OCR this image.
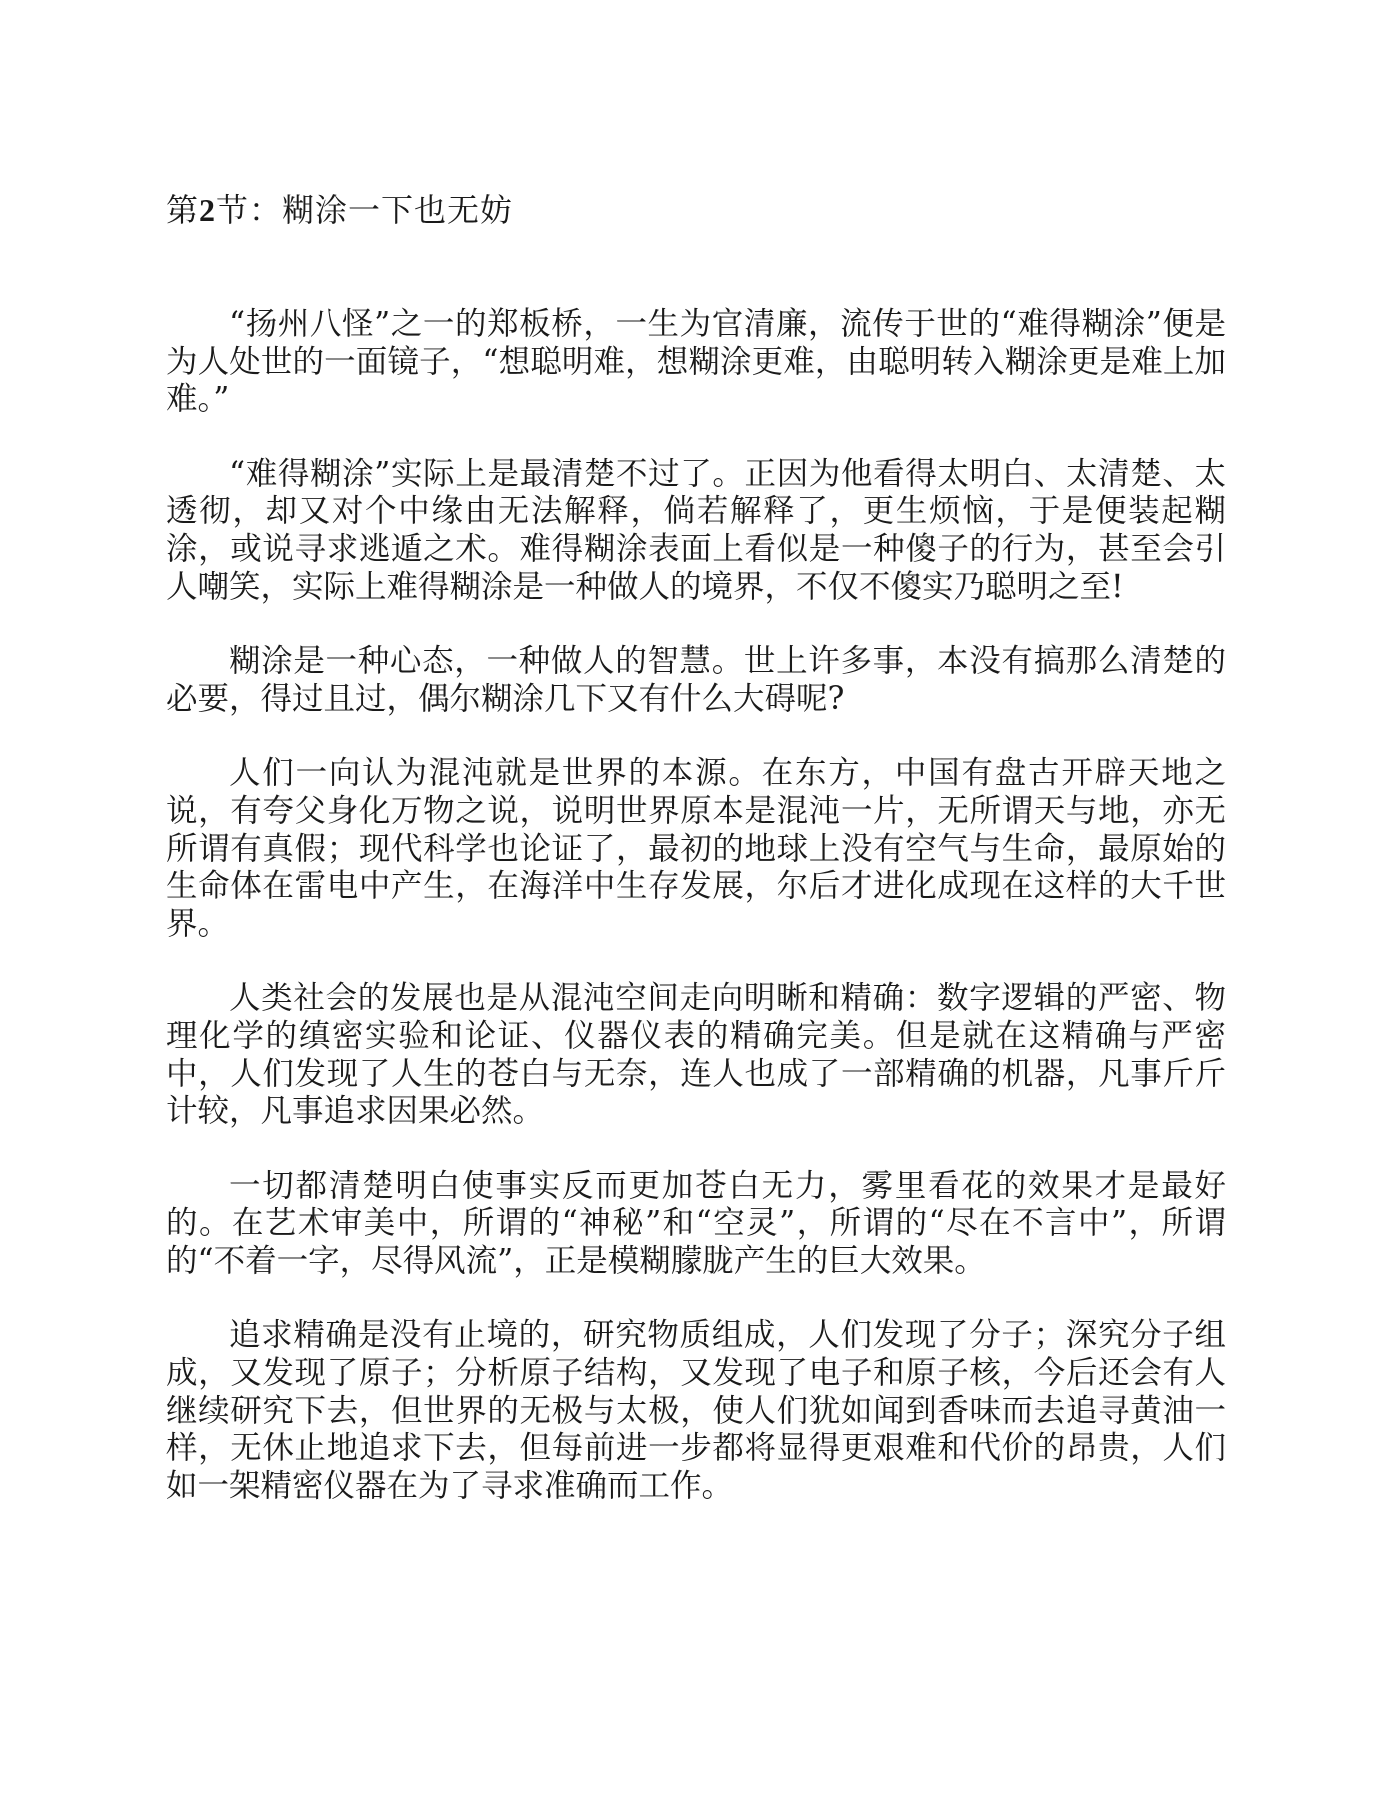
第2节：糊涂一下也无妨

“扬州八怪”之一的郑板桥，一生为官清廉，流传于世的“难得糊涂”便是为人处世的一面镜子，“想聪明难，想糊涂更难，由聪明转入糊涂更是难上加难。”

“难得糊涂”实际上是最清楚不过了。正因为他看得太明白、太清楚、太透彻，却又对个中缘由无法解释，倘若解释了，更生烦恼，于是便装起糊涂，或说寻求逃遁之术。难得糊涂表面上看似是一种傻子的行为，甚至会引人嘲笑，实际上难得糊涂是一种做人的境界，不仅不傻实乃聪明之至!

糊涂是一种心态，一种做人的智慧。世上许多事，本没有搞那么清楚的必要，得过且过，偶尔糊涂几下又有什么大碍呢?

人们一向认为混沌就是世界的本源。在东方，中国有盘古开辟天地之说，有夸父身化万物之说，说明世界原本是混沌一片，无所谓天与地，亦无所谓有真假；现代科学也论证了，最初的地球上没有空气与生命，最原始的生命体在雷电中产生，在海洋中生存发展，尔后才进化成现在这样的大千世界。

人类社会的发展也是从混沌空间走向明晰和精确：数字逻辑的严密、物理化学的缜密实验和论证、仪器仪表的精确完美。但是就在这精确与严密中，人们发现了人生的苍白与无奈，连人也成了一部精确的机器，凡事斤斤计较，凡事追求因果必然。

一切都清楚明白使事实反而更加苍白无力，雾里看花的效果才是最好的。在艺术审美中，所谓的“神秘”和“空灵”，所谓的“尽在不言中”，所谓的“不着一字，尽得风流”，正是模糊朦胧产生的巨大效果。

追求精确是没有止境的，研究物质组成，人们发现了分子；深究分子组成，又发现了原子；分析原子结构，又发现了电子和原子核，今后还会有人继续研究下去，但世界的无极与太极，使人们犹如闻到香味而去追寻黄油一样，无休止地追求下去，但每前进一步都将显得更艰难和代价的昂贵，人们如一架精密仪器在为了寻求准确而工作。
